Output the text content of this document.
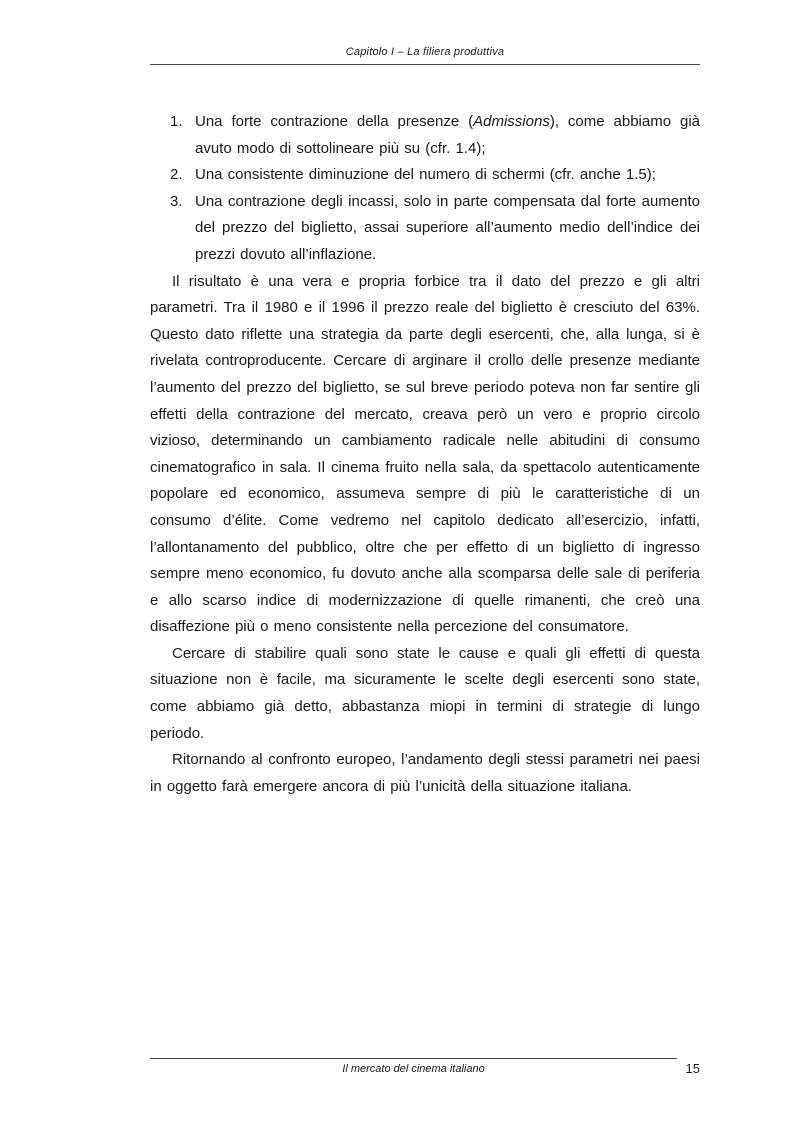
Capitolo I – La filiera produttiva
1. Una forte contrazione della presenze (Admissions), come abbiamo già avuto modo di sottolineare più su (cfr. 1.4);
2. Una consistente diminuzione del numero di schermi (cfr. anche 1.5);
3. Una contrazione degli incassi, solo in parte compensata dal forte aumento del prezzo del biglietto, assai superiore all’aumento medio dell’indice dei prezzi dovuto all’inflazione.

Il risultato è una vera e propria forbice tra il dato del prezzo e gli altri parametri. Tra il 1980 e il 1996 il prezzo reale del biglietto è cresciuto del 63%. Questo dato riflette una strategia da parte degli esercenti, che, alla lunga, si è rivelata controproducente. Cercare di arginare il crollo delle presenze mediante l’aumento del prezzo del biglietto, se sul breve periodo poteva non far sentire gli effetti della contrazione del mercato, creava però un vero e proprio circolo vizioso, determinando un cambiamento radicale nelle abitudini di consumo cinematografico in sala. Il cinema fruito nella sala, da spettacolo autenticamente popolare ed economico, assumeva sempre di più le caratteristiche di un consumo d’élite. Come vedremo nel capitolo dedicato all’esercizio, infatti, l’allontanamento del pubblico, oltre che per effetto di un biglietto di ingresso sempre meno economico, fu dovuto anche alla scomparsa delle sale di periferia e allo scarso indice di modernizzazione di quelle rimanenti, che creò una disaffezione più o meno consistente nella percezione del consumatore.

Cercare di stabilire quali sono state le cause e quali gli effetti di questa situazione non è facile, ma sicuramente le scelte degli esercenti sono state, come abbiamo già detto, abbastanza miopi in termini di strategie di lungo periodo.

Ritornando al confronto europeo, l’andamento degli stessi parametri nei paesi in oggetto farà emergere ancora di più l’unicità della situazione italiana.

Il mercato del cinema italiano	15
